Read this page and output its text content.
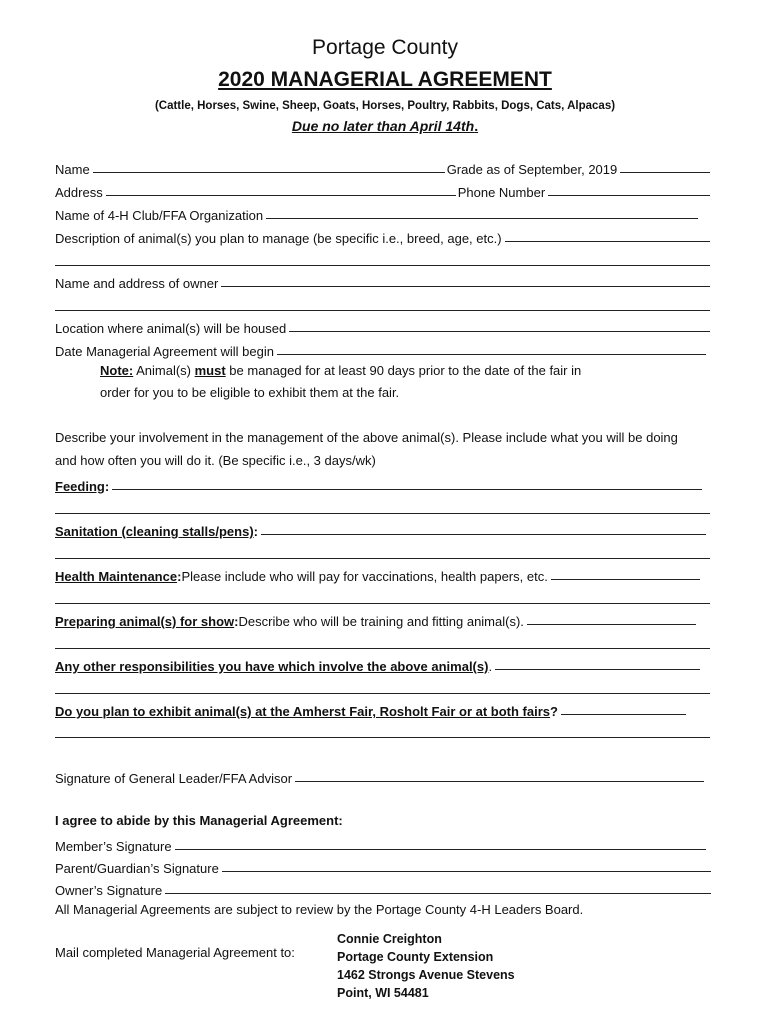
Portage County
2020 MANAGERIAL AGREEMENT
(Cattle, Horses, Swine, Sheep, Goats, Horses, Poultry, Rabbits, Dogs, Cats, Alpacas)
Due no later than April 14th.
Name	Grade as of September, 2019
Address	Phone Number
Name of 4-H Club/FFA Organization
Description of animal(s) you plan to manage (be specific i.e., breed, age, etc.)
Name and address of owner
Location where animal(s) will be housed
Date Managerial Agreement will begin
Note: Animal(s) must be managed for at least 90 days prior to the date of the fair in
order for you to be eligible to exhibit them at the fair.
Describe your involvement in the management of the above animal(s). Please include what you will be doing
and how often you will do it. (Be specific i.e., 3 days/wk)
Feeding :
Sanitation (cleaning stalls/pens) :
Health Maintenance : Please include who will pay for vaccinations, health papers, etc.
Preparing animal(s) for show : Describe who will be training and fitting animal(s).
Any other responsibilities you have which involve the above animal(s) .
Do you plan to exhibit animal(s) at the Amherst Fair, Rosholt Fair or at both fairs ?
Signature of General Leader/FFA Advisor
I agree to abide by this Managerial Agreement:
Member’s Signature
Parent/Guardian’s Signature
Owner’s Signature
All Managerial Agreements are subject to review by the Portage County 4-H Leaders Board.
Mail completed Managerial Agreement to:
Connie Creighton
Portage County Extension
1462 Strongs Avenue Stevens
Point, WI 54481
